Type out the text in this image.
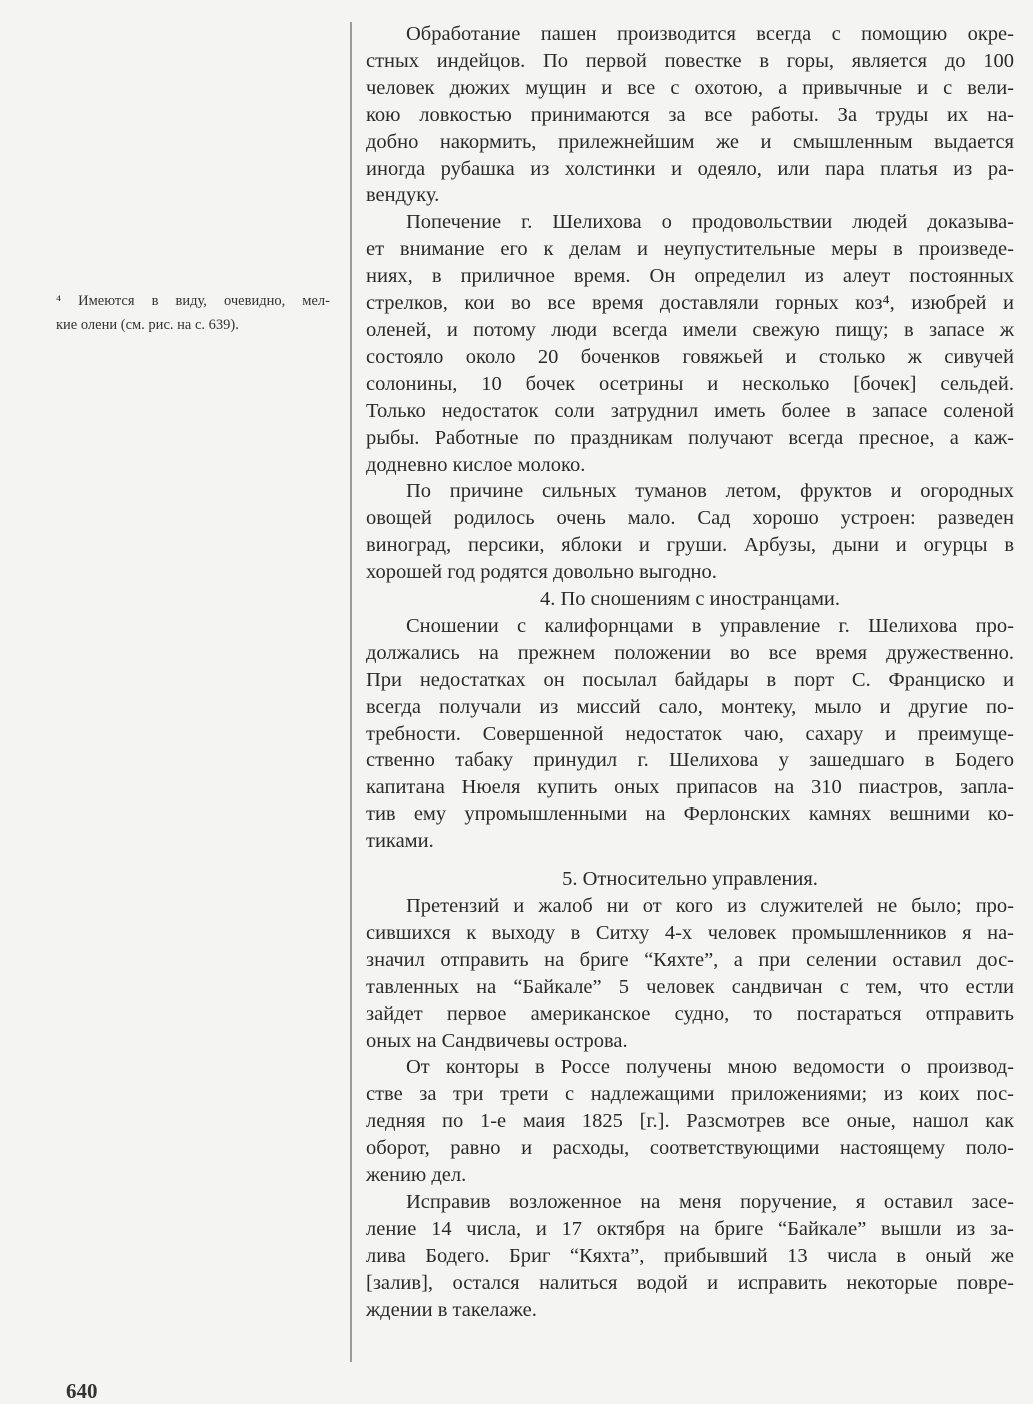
⁴ Имеются в виду, очевидно, мел-
кие олени (см. рис. на с. 639).
Обработание пашен производится всегда с помощию окре-
стных индейцов. По первой повестке в горы, является до 100
человек дюжих мущин и все с охотою, а привычные и с вели-
кою ловкостью принимаются за все работы. За труды их на-
добно накормить, прилежнейшим же и смышленным выдается
иногда рубашка из холстинки и одеяло, или пара платья из ра-
вендуку.
Попечение г. Шелихова о продовольствии людей доказыва-
ет внимание его к делам и неупустительные меры в произведе-
ниях, в приличное время. Он определил из алеут постоянных
стрелков, кои во все время доставляли горных коз⁴, изюбрей и
оленей, и потому люди всегда имели свежую пищу; в запасе ж
состояло около 20 боченков говяжьей и столько ж сивучей
солонины, 10 бочек осетрины и несколько [бочек] сельдей.
Только недостаток соли затруднил иметь более в запасе соленой
рыбы. Работные по праздникам получают всегда пресное, а каж-
додневно кислое молоко.
По причине сильных туманов летом, фруктов и огородных
овощей родилось очень мало. Сад хорошо устроен: разведен
виноград, персики, яблоки и груши. Арбузы, дыни и огурцы в
хорошей год родятся довольно выгодно.
4. По сношениям с иностранцами.
Сношении с калифорнцами в управление г. Шелихова про-
должались на прежнем положении во все время дружественно.
При недостатках он посылал байдары в порт С. Франциско и
всегда получали из миссий сало, монтеку, мыло и другие по-
требности. Совершенной недостаток чаю, сахару и преимуще-
ственно табаку принудил г. Шелихова у зашедшаго в Бодего
капитана Нюеля купить оных припасов на 310 пиастров, запла-
тив ему упромышленными на Ферлонских камнях вешними ко-
тиками.
5. Относительно управления.
Претензий и жалоб ни от кого из служителей не было; про-
сившихся к выходу в Ситху 4-х человек промышленников я на-
значил отправить на бриге “Кяхте”, а при селении оставил дос-
тавленных на “Байкале” 5 человек сандвичан с тем, что естли
зайдет первое американское судно, то постараться отправить
оных на Сандвичевы острова.
От конторы в Россе получены мною ведомости о производ-
стве за три трети с надлежащими приложениями; из коих пос-
ледняя по 1-е маия 1825 [г.]. Разсмотрев все оные, нашол как
оборот, равно и расходы, соответствующими настоящему поло-
жению дел.
Исправив возложенное на меня поручение, я оставил засе-
ление 14 числа, и 17 октября на бриге “Байкале” вышли из за-
лива Бодего. Бриг “Кяхта”, прибывший 13 числа в оный же
[залив], остался налиться водой и исправить некоторые повре-
ждении в такелаже.
640
